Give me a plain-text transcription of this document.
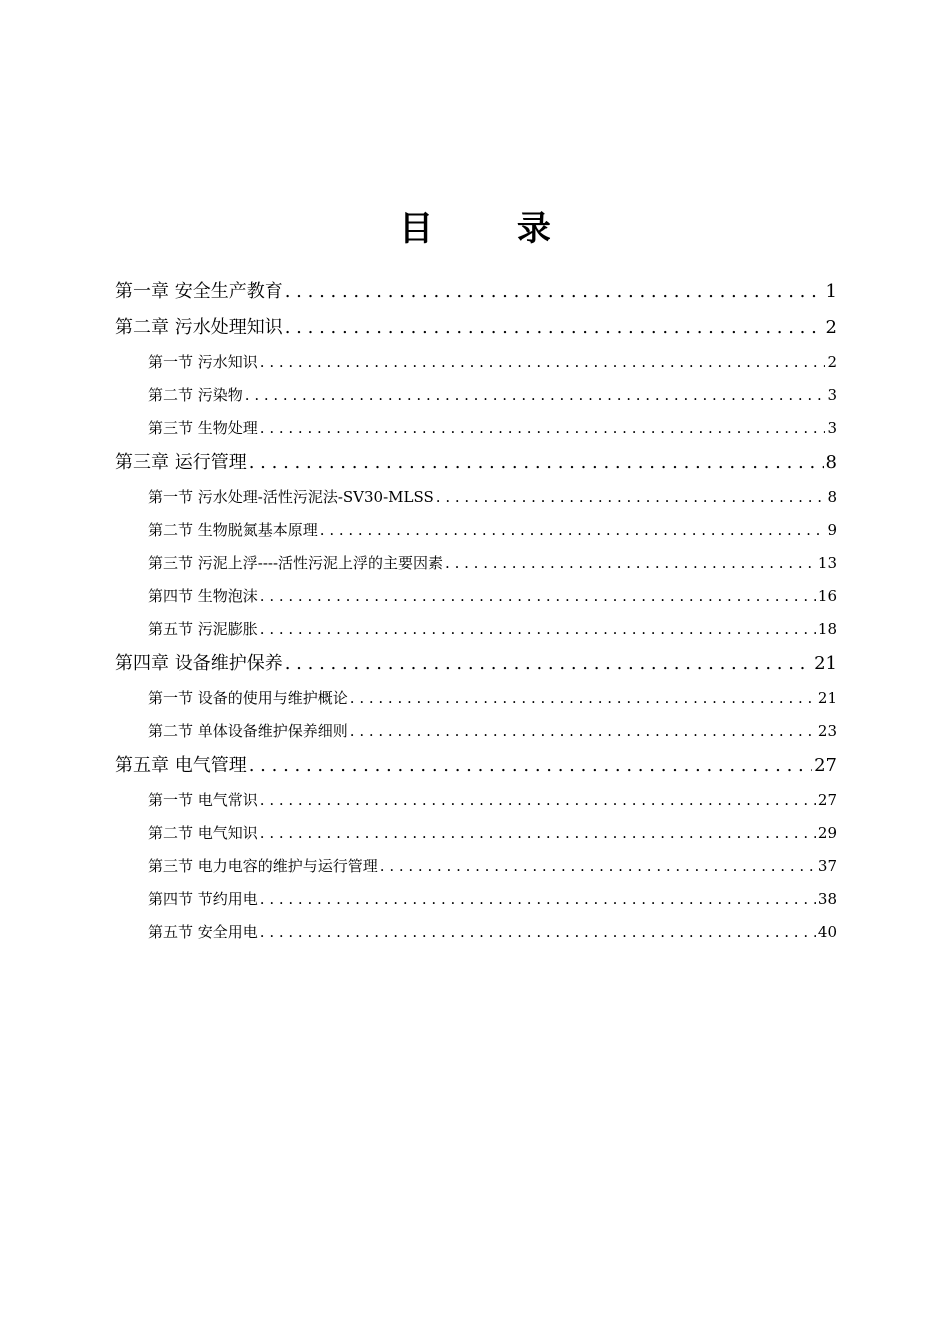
目 录
第一章 安全生产教育 . . .	1
第二章 污水处理知识 . . .	2
第一节 污水知识 . . .	2
第二节 污染物 . . .	3
第三节 生物处理 . . .	3
第三章 运行管理 . . .	8
第一节 污水处理-活性污泥法-SV30-MLSS . . .	8
第二节 生物脱氮基本原理 . . .	9
第三节 污泥上浮----活性污泥上浮的主要因素 . . .	13
第四节 生物泡沫 . . .	16
第五节 污泥膨胀 . . .	18
第四章 设备维护保养 . . .	21
第一节 设备的使用与维护概论 . . .	21
第二节 单体设备维护保养细则 . . .	23
第五章 电气管理 . . .	27
第一节 电气常识 . . .	27
第二节 电气知识 . . .	29
第三节 电力电容的维护与运行管理 . . .	37
第四节 节约用电 . . .	38
第五节 安全用电 . . .	40
